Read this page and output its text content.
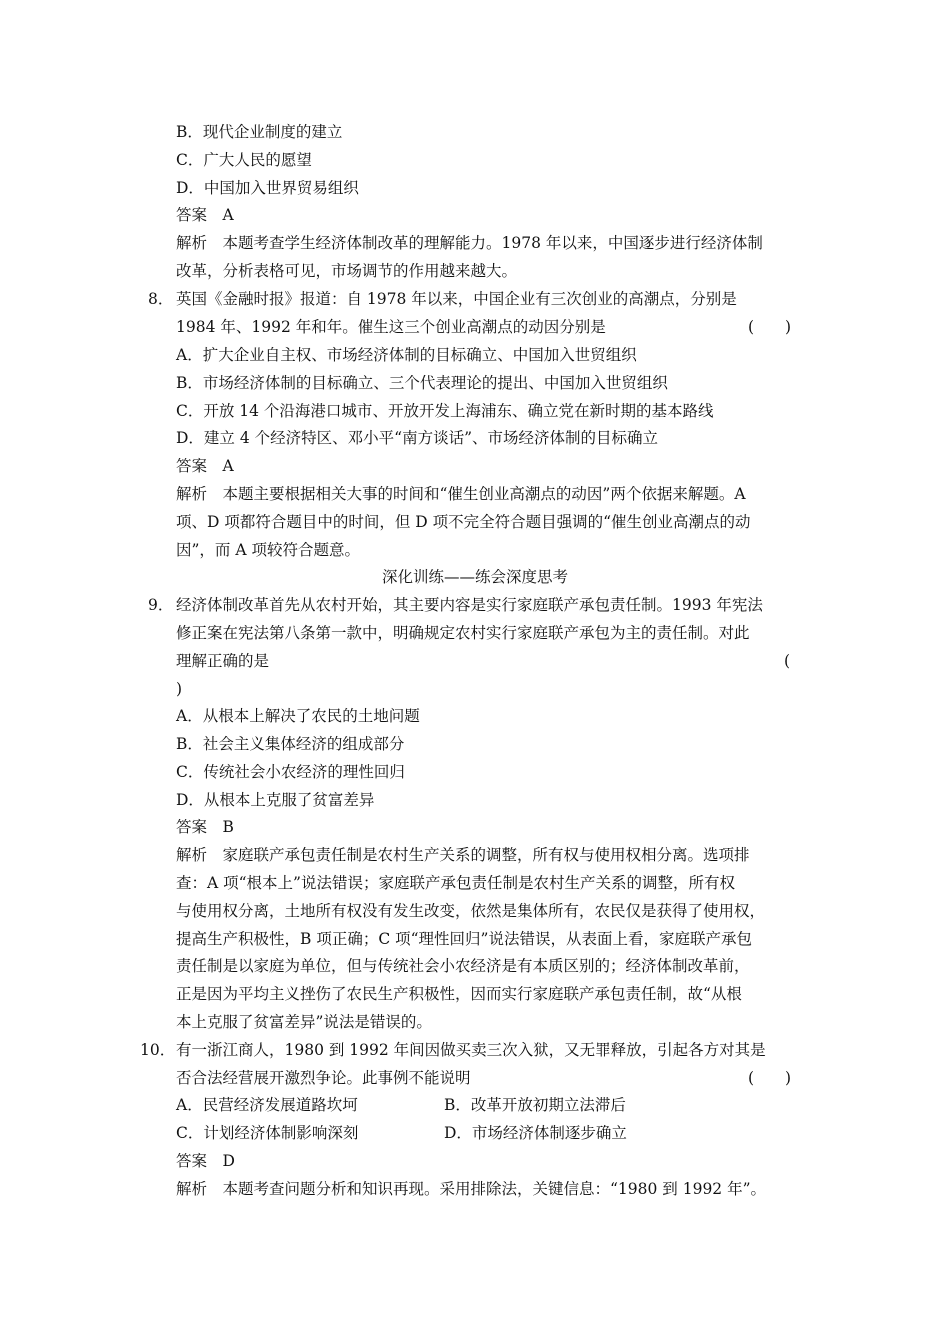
B．现代企业制度的建立
C．广大人民的愿望
D．中国加入世界贸易组织
答案　A
解析　本题考查学生经济体制改革的理解能力。1978 年以来，中国逐步进行经济体制
改革，分析表格可见，市场调节的作用越来越大。
8． 英国《金融时报》报道：自 1978 年以来，中国企业有三次创业的高潮点，分别是
1984 年、1992 年和年。催生这三个创业高潮点的动因分别是	(　　)
A．扩大企业自主权、市场经济体制的目标确立、中国加入世贸组织
B．市场经济体制的目标确立、三个代表理论的提出、中国加入世贸组织
C．开放 14 个沿海港口城市、开放开发上海浦东、确立党在新时期的基本路线
D．建立 4 个经济特区、邓小平“南方谈话”、市场经济体制的目标确立
答案　A
解析　本题主要根据相关大事的时间和“催生创业高潮点的动因”两个依据来解题。A
项、D 项都符合题目中的时间，但 D 项不完全符合题目强调的“催生创业高潮点的动
因”，而 A 项较符合题意。
深化训练——练会深度思考
9． 经济体制改革首先从农村开始，其主要内容是实行家庭联产承包责任制。1993 年宪法
修正案在宪法第八条第一款中，明确规定农村实行家庭联产承包为主的责任制。对此
理解正确的是	(
)
A．从根本上解决了农民的土地问题
B．社会主义集体经济的组成部分
C．传统社会小农经济的理性回归
D．从根本上克服了贫富差异
答案　B
解析　家庭联产承包责任制是农村生产关系的调整，所有权与使用权相分离。选项排
查：A 项“根本上”说法错误；家庭联产承包责任制是农村生产关系的调整，所有权
与使用权分离，土地所有权没有发生改变，依然是集体所有，农民仅是获得了使用权，
提高生产积极性，B 项正确；C 项“理性回归”说法错误，从表面上看，家庭联产承包
责任制是以家庭为单位，但与传统社会小农经济是有本质区别的；经济体制改革前，
正是因为平均主义挫伤了农民生产积极性，因而实行家庭联产承包责任制，故“从根
本上克服了贫富差异”说法是错误的。
10． 有一浙江商人，1980 到 1992 年间因做买卖三次入狱，又无罪释放，引起各方对其是
否合法经营展开激烈争论。此事例不能说明	(　　)
A．民营经济发展道路坎坷	B．改革开放初期立法滞后
C．计划经济体制影响深刻	D．市场经济体制逐步确立
答案　D
解析　本题考查问题分析和知识再现。采用排除法，关键信息：“1980 到 1992 年”。
